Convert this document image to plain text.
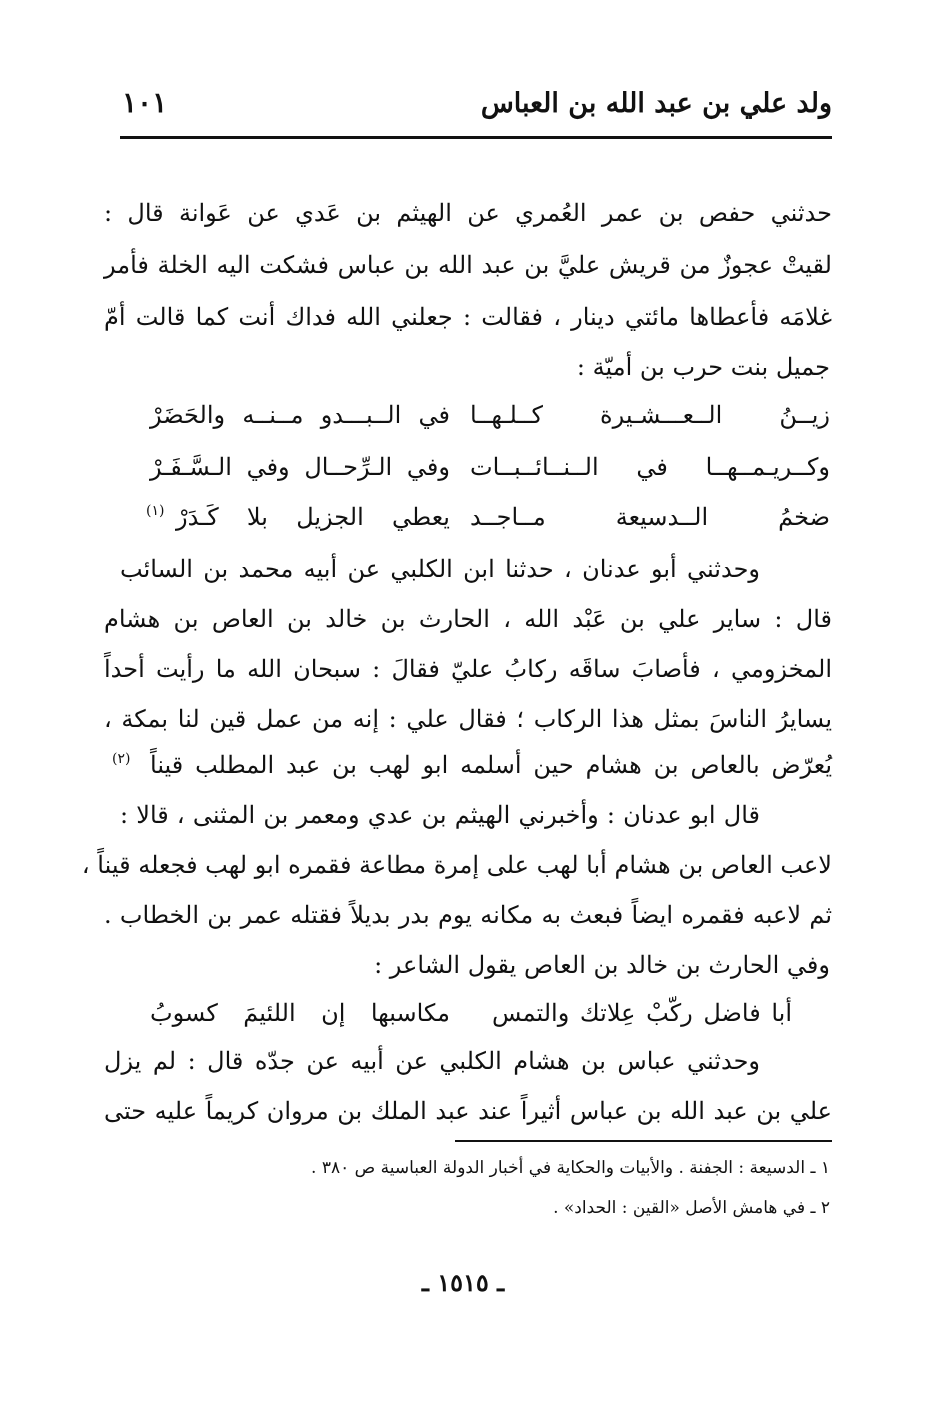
ولد علي بن عبد الله بن العباس
١٠١
حدثني حفص بن عمر العُمري عن الهيثم بن عَدي عن عَوانة قال :
لقيتْ عجوزٌ من قريش عليَّ بن عبد الله بن عباس فشكت اليه الخلة فأمر
غلامَه فأعطاها مائتي دينار ، فقالت : جعلني الله فداك أنت كما قالت أمّ
جميل بنت حرب بن أميّة :
زيــنُ الــعـــشـيرة كــلـهــا
في الــبـــدو مــنــه والحَضَرْ
وكــريـمــهــا في الــنــائــبــات
وفي الـرِّحــال وفي الـسَّـفَـرْ
ضخمُ الــدسيعة مــاجــد
يعطي الجزيل بلا كَـدَرْ
(١)
وحدثني أبو عدنان ، حدثنا ابن الكلبي عن أبيه محمد بن السائب
قال : ساير علي بن عَبْد الله ، الحارث بن خالد بن العاص بن هشام
المخزومي ، فأصابَ ساقَه ركابُ عليّ فقالَ : سبحان الله ما رأيت أحداً
يسايرُ الناسَ بمثل هذا الركاب ؛ فقال علي : إنه من عمل قين لنا بمكة ،
يُعرّض بالعاص بن هشام حين أسلمه ابو لهب بن عبد المطلب قيناً
(٢)
قال ابو عدنان : وأخبرني الهيثم بن عدي ومعمر بن المثنى ، قالا :
لاعب العاص بن هشام أبا لهب على إمرة مطاعة فقمره ابو لهب فجعله قيناً ،
ثم لاعبه فقمره ايضاً فبعث به مكانه يوم بدر بديلاً فقتله عمر بن الخطاب .
وفي الحارث بن خالد بن العاص يقول الشاعر :
أبا فاضل ركّبْ عِلاتك والتمس
مكاسبها إن اللئيمَ كسوبُ
وحدثني عباس بن هشام الكلبي عن أبيه عن جدّه قال : لم يزل
علي بن عبد الله بن عباس أثيراً عند عبد الملك بن مروان كريماً عليه حتى
١ ـ الدسيعة : الجفنة . والأبيات والحكاية في أخبار الدولة العباسية ص ٣٨٠ .
٢ ـ في هامش الأصل «القين : الحداد» .
ـ ١٥١٥ ـ
